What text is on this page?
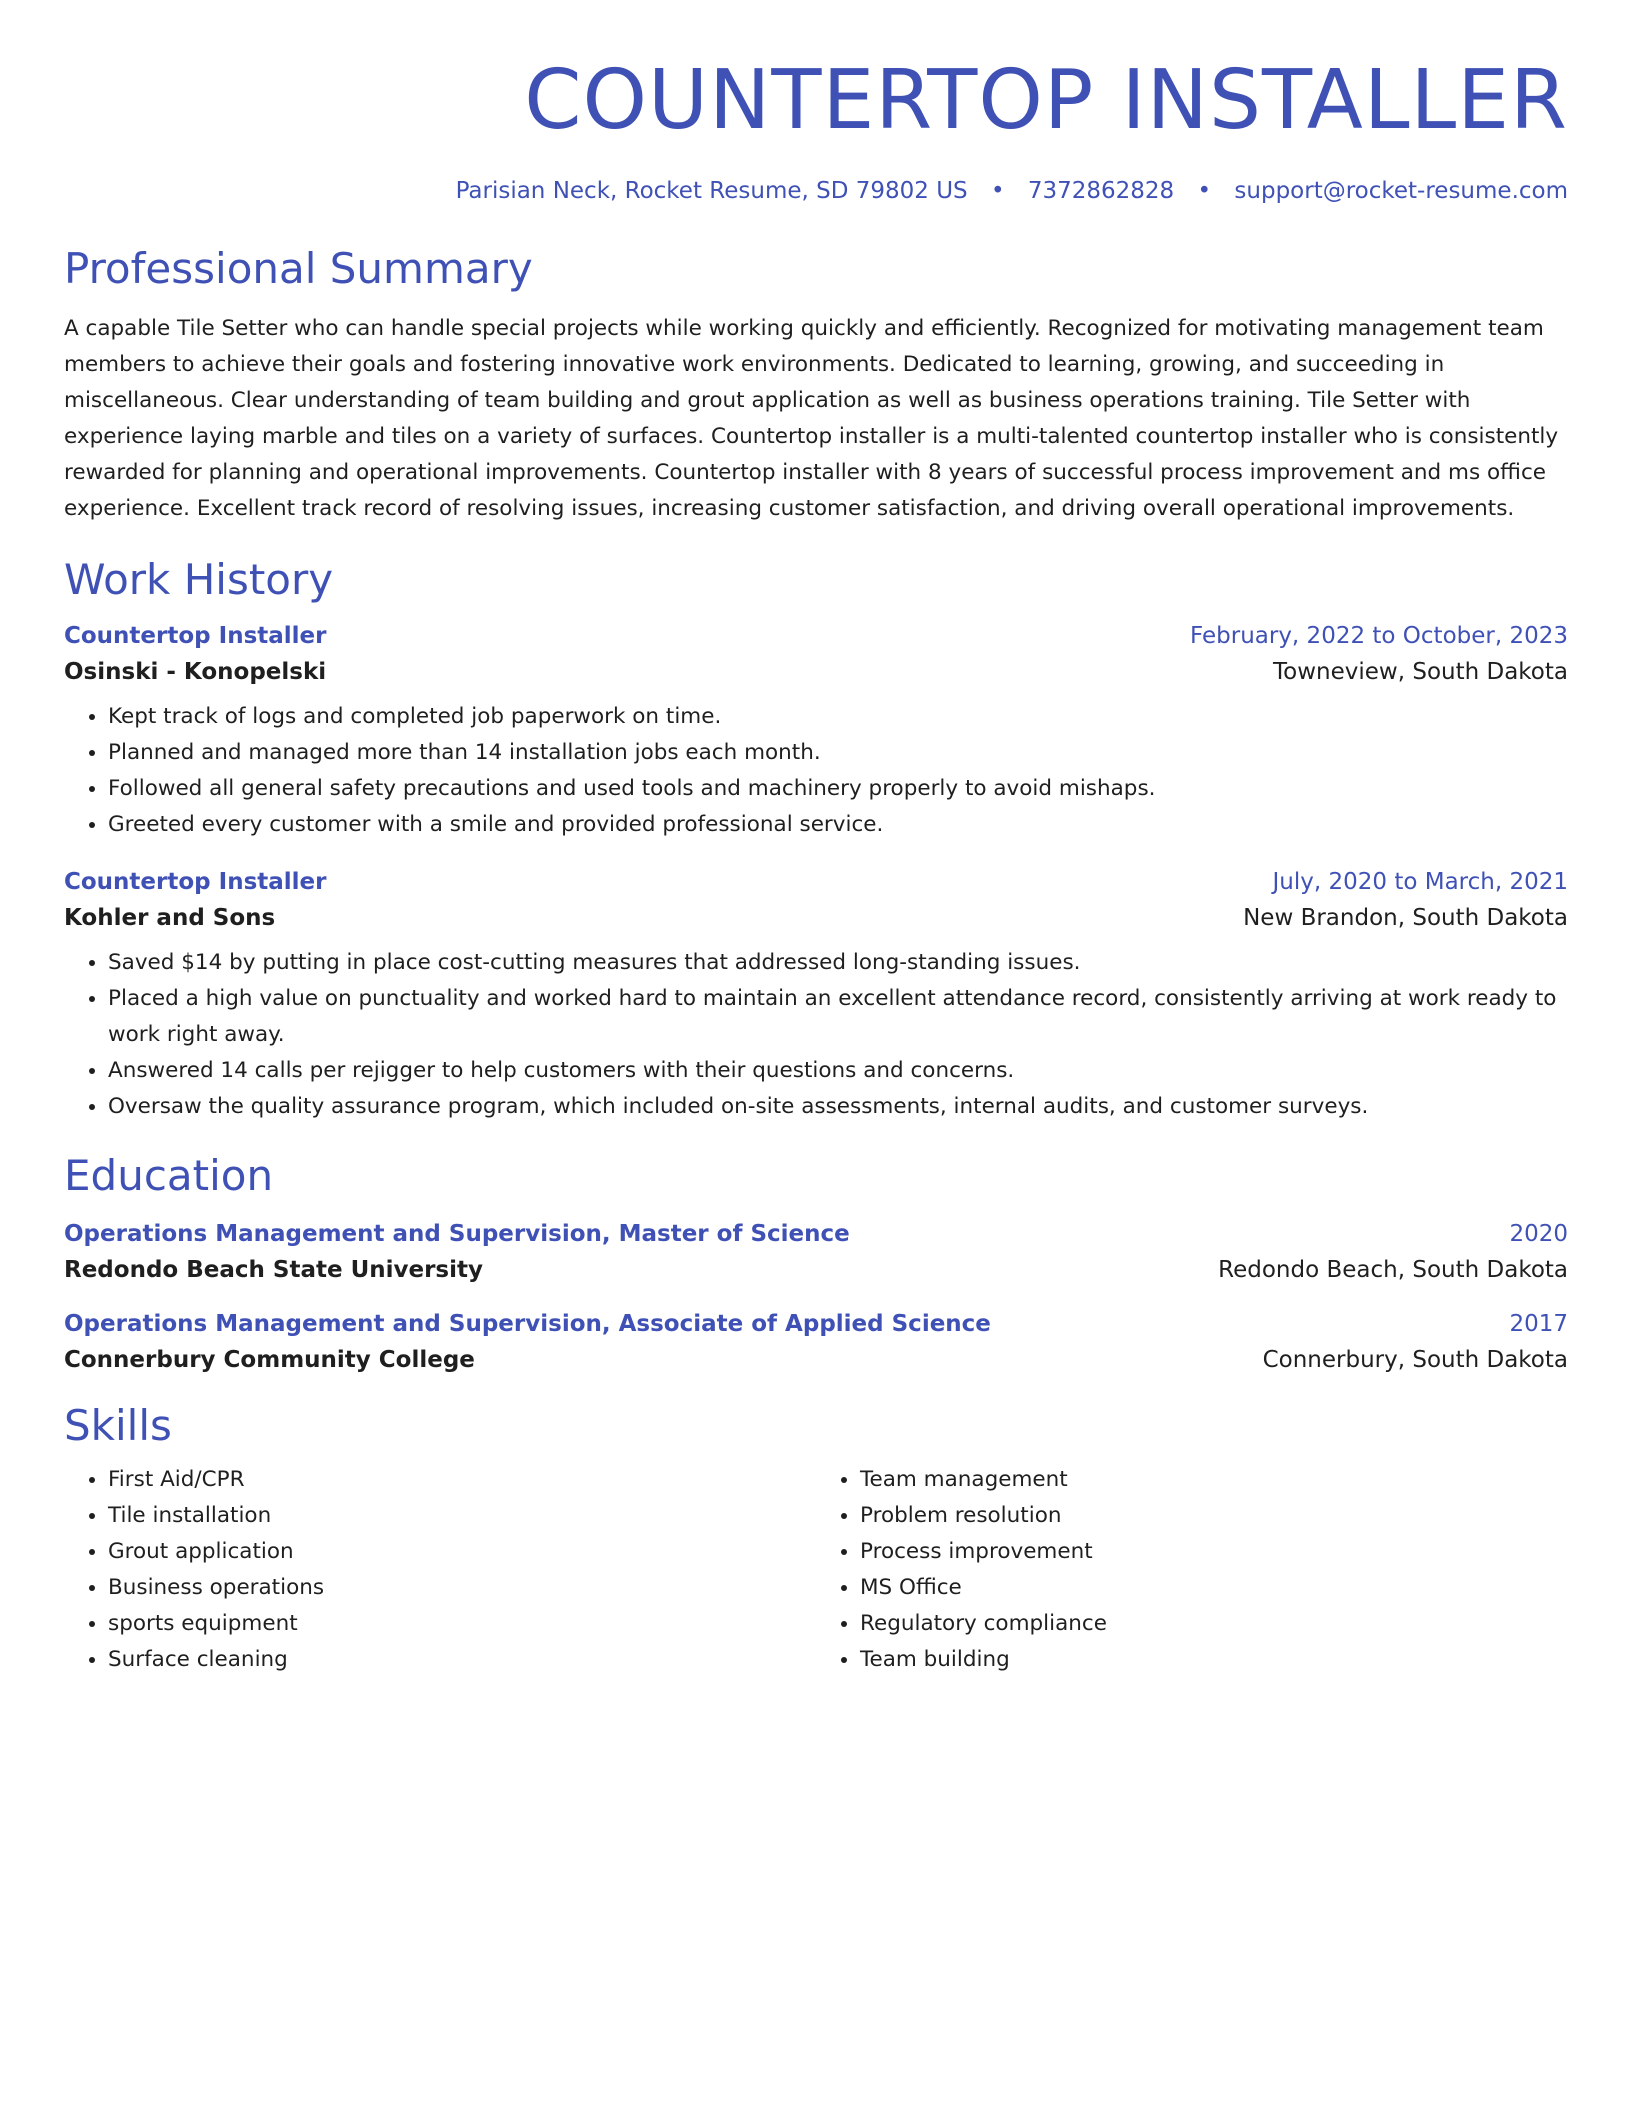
COUNTERTOP INSTALLER
Parisian Neck, Rocket Resume, SD 79802 US • 7372862828 • support@rocket-resume.com
Professional Summary

A capable Tile Setter who can handle special projects while working quickly and efficiently. Recognized for motivating management team members to achieve their goals and fostering innovative work environments. Dedicated to learning, growing, and succeeding in miscellaneous. Clear understanding of team building and grout application as well as business operations training. Tile Setter with experience laying marble and tiles on a variety of surfaces. Countertop installer is a multi-talented countertop installer who is consistently rewarded for planning and operational improvements. Countertop installer with 8 years of successful process improvement and ms office experience. Excellent track record of resolving issues, increasing customer satisfaction, and driving overall operational improvements.

Work History
Countertop Installer	February, 2022 to October, 2023
Osinski - Konopelski	Towneview, South Dakota
• Kept track of logs and completed job paperwork on time.
• Planned and managed more than 14 installation jobs each month.
• Followed all general safety precautions and used tools and machinery properly to avoid mishaps.
• Greeted every customer with a smile and provided professional service.
Countertop Installer	July, 2020 to March, 2021
Kohler and Sons	New Brandon, South Dakota
• Saved $14 by putting in place cost-cutting measures that addressed long-standing issues.
• Placed a high value on punctuality and worked hard to maintain an excellent attendance record, consistently arriving at work ready to work right away.
• Answered 14 calls per rejigger to help customers with their questions and concerns.
• Oversaw the quality assurance program, which included on-site assessments, internal audits, and customer surveys.
Education
Operations Management and Supervision, Master of Science	2020
Redondo Beach State University	Redondo Beach, South Dakota
Operations Management and Supervision, Associate of Applied Science	2017
Connerbury Community College	Connerbury, South Dakota
Skills
• First Aid/CPR
• Tile installation
• Grout application
• Business operations
• sports equipment
• Surface cleaning
• Team management
• Problem resolution
• Process improvement
• MS Office
• Regulatory compliance
• Team building
